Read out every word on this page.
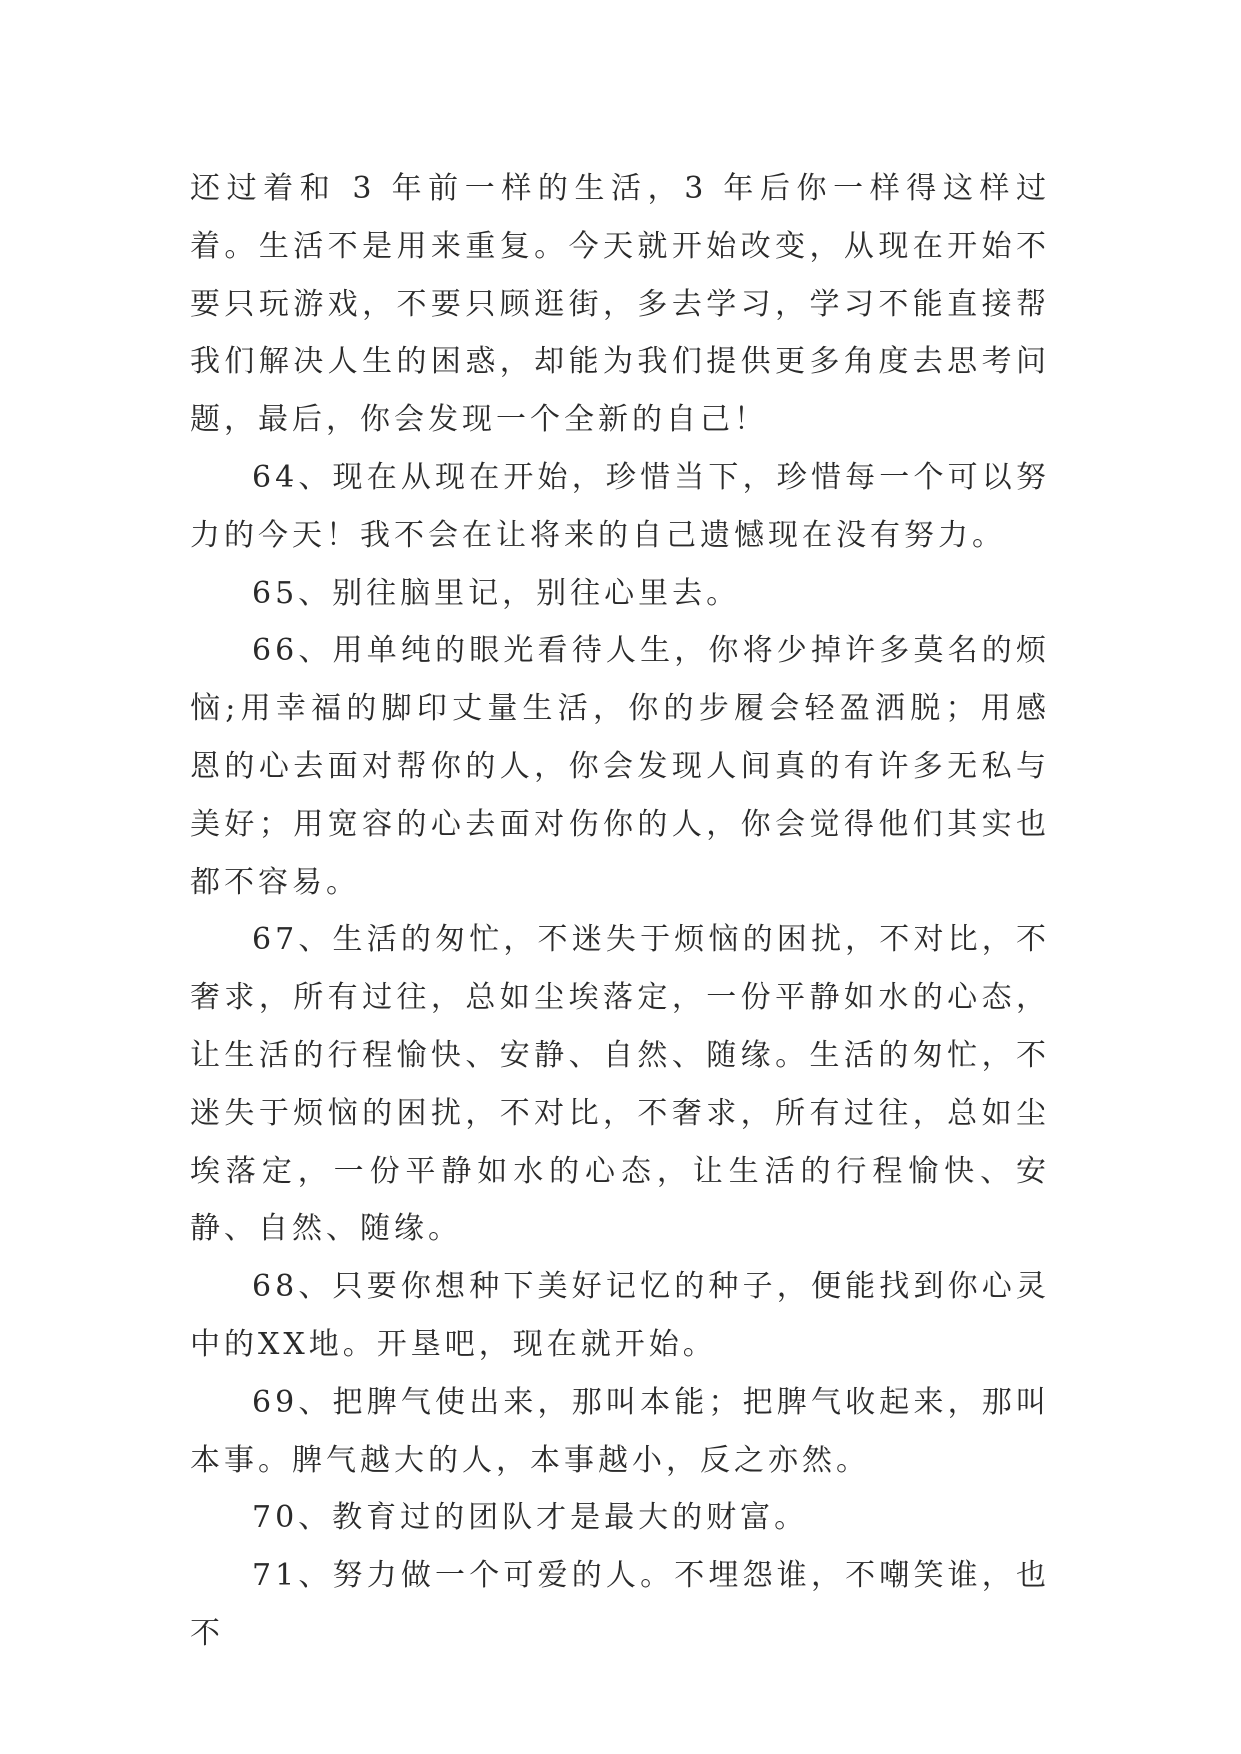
还过着和 3 年前一样的生活，3 年后你一样得这样过着。生活不是用来重复。今天就开始改变，从现在开始不要只玩游戏，不要只顾逛街，多去学习，学习不能直接帮我们解决人生的困惑，却能为我们提供更多角度去思考问题，最后，你会发现一个全新的自己！

64、现在从现在开始，珍惜当下，珍惜每一个可以努力的今天！我不会在让将来的自己遗憾现在没有努力。

65、别往脑里记，别往心里去。

66、用单纯的眼光看待人生，你将少掉许多莫名的烦恼;用幸福的脚印丈量生活，你的步履会轻盈洒脱；用感恩的心去面对帮你的人，你会发现人间真的有许多无私与美好；用宽容的心去面对伤你的人，你会觉得他们其实也都不容易。

67、生活的匆忙，不迷失于烦恼的困扰，不对比，不奢求，所有过往，总如尘埃落定，一份平静如水的心态，让生活的行程愉快、安静、自然、随缘。生活的匆忙，不迷失于烦恼的困扰，不对比，不奢求，所有过往，总如尘埃落定，一份平静如水的心态，让生活的行程愉快、安静、自然、随缘。

68、只要你想种下美好记忆的种子，便能找到你心灵中的XX地。开垦吧，现在就开始。

69、把脾气使出来，那叫本能；把脾气收起来，那叫本事。脾气越大的人，本事越小，反之亦然。

70、教育过的团队才是最大的财富。

71、努力做一个可爱的人。不埋怨谁，不嘲笑谁，也不
